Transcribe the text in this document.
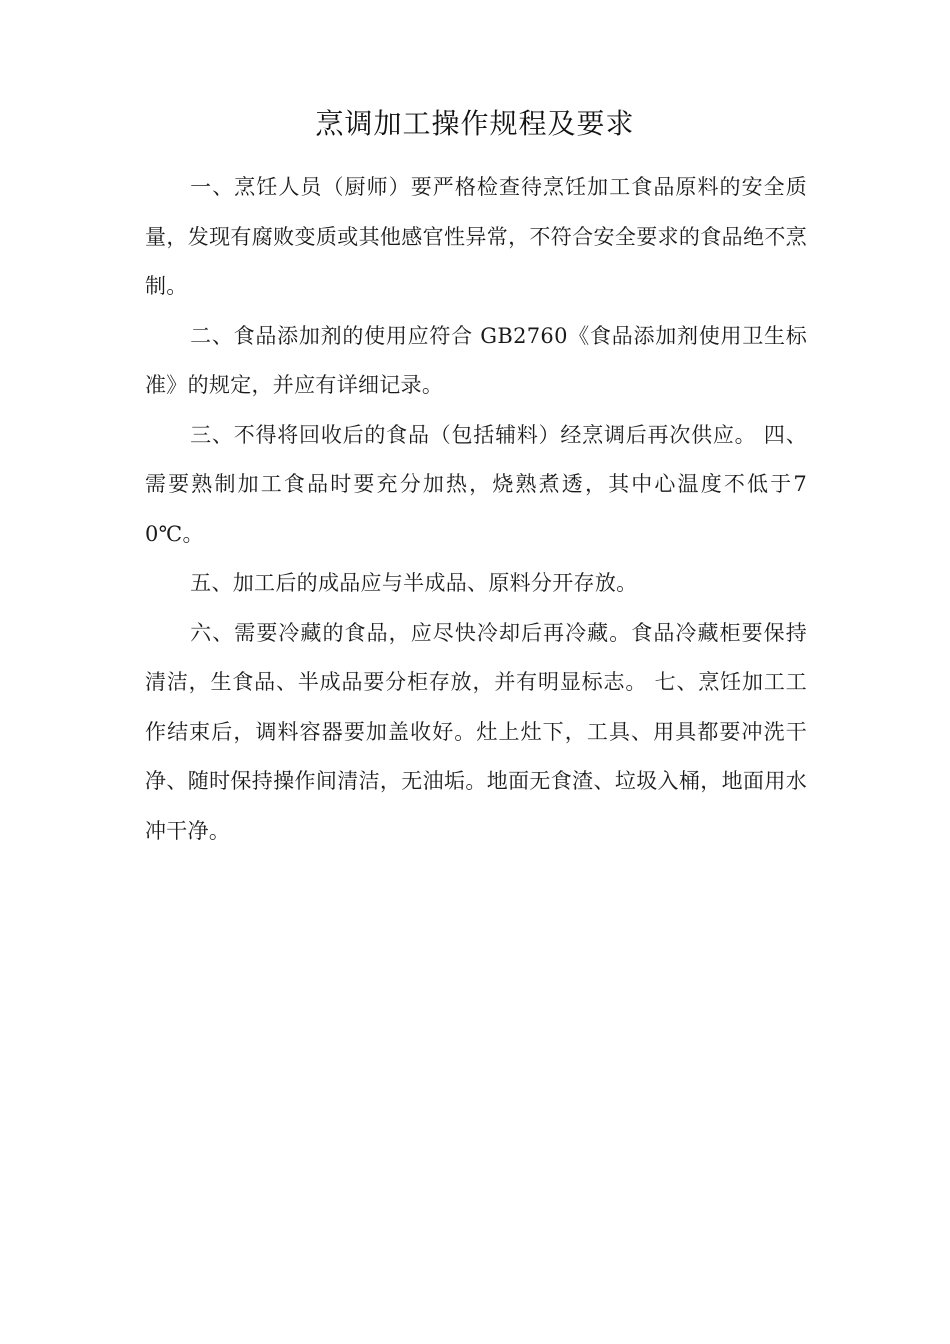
烹调加工操作规程及要求

一、烹饪人员（厨师）要严格检查待烹饪加工食品原料的安全质量，发现有腐败变质或其他感官性异常，不符合安全要求的食品绝不烹制。

二、食品添加剂的使用应符合 GB2760《食品添加剂使用卫生标准》的规定，并应有详细记录。

三、不得将回收后的食品（包括辅料）经烹调后再次供应。 四、需要熟制加工食品时要充分加热，烧熟煮透，其中心温度不低于70℃。

五、加工后的成品应与半成品、原料分开存放。

六、需要冷藏的食品，应尽快冷却后再冷藏。食品冷藏柜要保持清洁，生食品、半成品要分柜存放，并有明显标志。 七、烹饪加工工作结束后，调料容器要加盖收好。灶上灶下，工具、用具都要冲洗干净、随时保持操作间清洁，无油垢。地面无食渣、垃圾入桶，地面用水冲干净。
